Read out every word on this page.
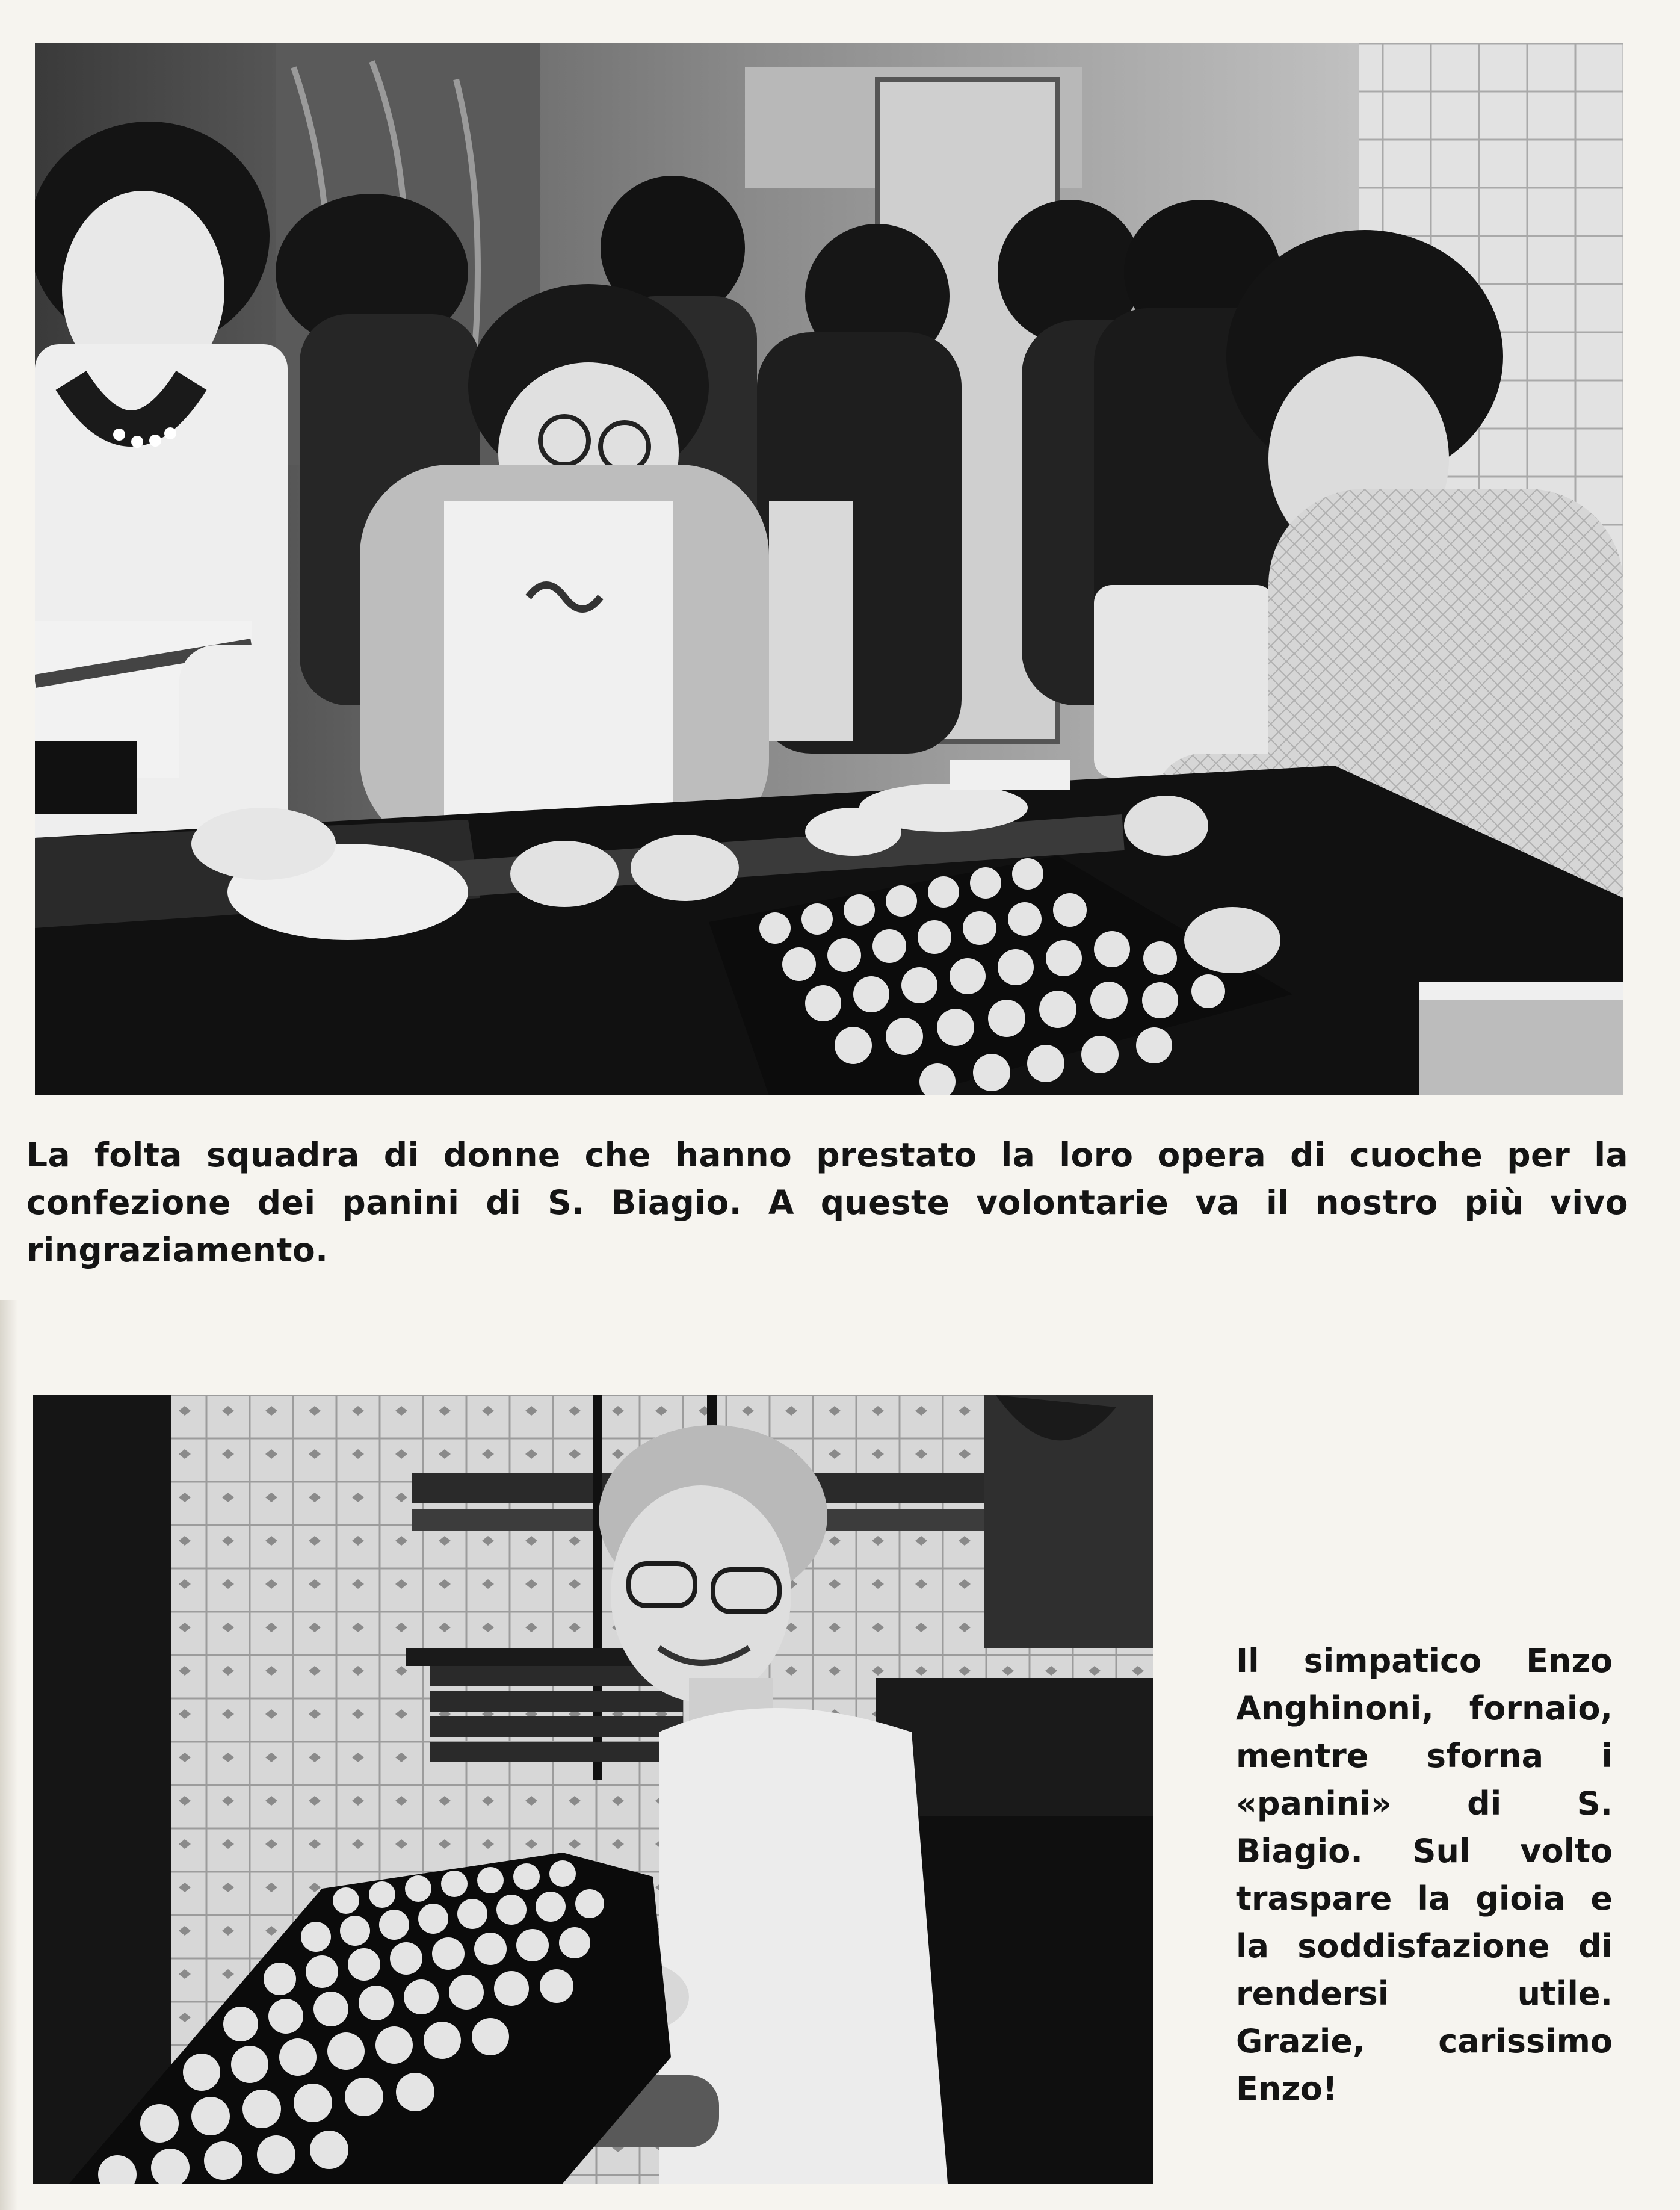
La folta squadra di donne che hanno prestato la loro opera di cuoche per la confezione dei panini di S. Biagio. A queste volontarie va il nostro più vivo ringraziamento.

Il simpatico Enzo Anghinoni, fornaio, mentre sforna i «panini» di S. Biagio. Sul volto traspare la gioia e la soddisfazione di rendersi utile. Grazie, carissimo Enzo!
